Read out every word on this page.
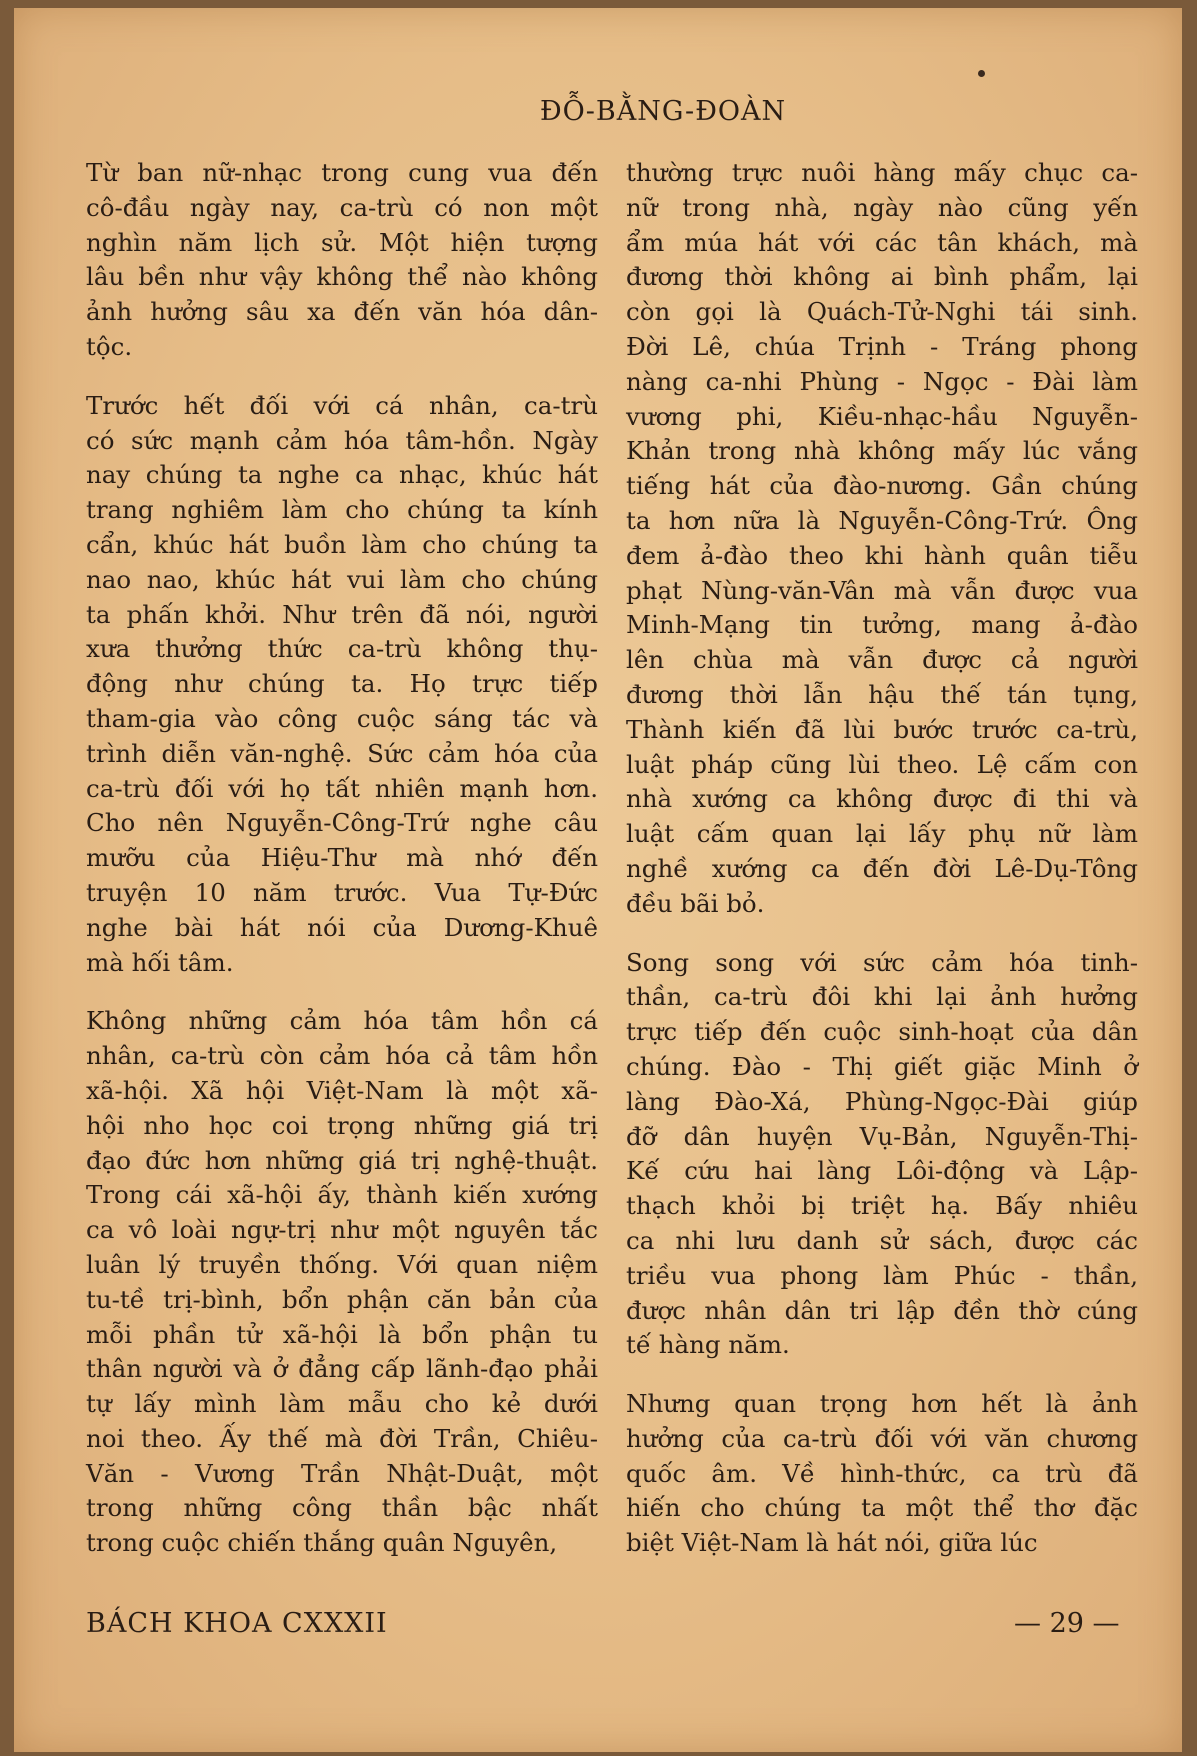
ĐỖ-BẰNG-ĐOÀN

Từ ban nữ-nhạc trong cung vua đến
cô-đầu ngày nay, ca-trù có non một
nghìn năm lịch sử. Một hiện tượng
lâu bền như vậy không thể nào không
ảnh hưởng sâu xa đến văn hóa dân-
tộc.

Trước hết đối với cá nhân, ca-trù
có sức mạnh cảm hóa tâm-hồn. Ngày
nay chúng ta nghe ca nhạc, khúc hát
trang nghiêm làm cho chúng ta kính
cẩn, khúc hát buồn làm cho chúng ta
nao nao, khúc hát vui làm cho chúng
ta phấn khởi. Như trên đã nói, người
xưa thưởng thức ca-trù không thụ-
động như chúng ta. Họ trực tiếp
tham-gia vào công cuộc sáng tác và
trình diễn văn-nghệ. Sức cảm hóa của
ca-trù đối với họ tất nhiên mạnh hơn.
Cho nên Nguyễn-Công-Trứ nghe câu
mưỡu của Hiệu-Thư mà nhớ đến
truyện 10 năm trước. Vua Tự-Đức
nghe bài hát nói của Dương-Khuê
mà hối tâm.

Không những cảm hóa tâm hồn cá
nhân, ca-trù còn cảm hóa cả tâm hồn
xã-hội. Xã hội Việt-Nam là một xã-
hội nho học coi trọng những giá trị
đạo đức hơn những giá trị nghệ-thuật.
Trong cái xã-hội ấy, thành kiến xướng
ca vô loài ngự-trị như một nguyên tắc
luân lý truyền thống. Với quan niệm
tu-tề trị-bình, bổn phận căn bản của
mỗi phần tử xã-hội là bổn phận tu
thân người và ở đẳng cấp lãnh-đạo phải
tự lấy mình làm mẫu cho kẻ dưới
noi theo. Ấy thế mà đời Trần, Chiêu-
Văn - Vương Trần Nhật-Duật, một
trong những công thần bậc nhất
trong cuộc chiến thắng quân Nguyên,

thường trực nuôi hàng mấy chục ca-
nữ trong nhà, ngày nào cũng yến
ẩm múa hát với các tân khách, mà
đương thời không ai bình phẩm, lại
còn gọi là Quách-Tử-Nghi tái sinh.
Đời Lê, chúa Trịnh - Tráng phong
nàng ca-nhi Phùng - Ngọc - Đài làm
vương phi, Kiều-nhạc-hầu Nguyễn-
Khản trong nhà không mấy lúc vắng
tiếng hát của đào-nương. Gần chúng
ta hơn nữa là Nguyễn-Công-Trứ. Ông
đem ả-đào theo khi hành quân tiễu
phạt Nùng-văn-Vân mà vẫn được vua
Minh-Mạng tin tưởng, mang ả-đào
lên chùa mà vẫn được cả người
đương thời lẫn hậu thế tán tụng,
Thành kiến đã lùi bước trước ca-trù,
luật pháp cũng lùi theo. Lệ cấm con
nhà xướng ca không được đi thi và
luật cấm quan lại lấy phụ nữ làm
nghề xướng ca đến đời Lê-Dụ-Tông
đều bãi bỏ.

Song song với sức cảm hóa tinh-
thần, ca-trù đôi khi lại ảnh hưởng
trực tiếp đến cuộc sinh-hoạt của dân
chúng. Đào - Thị giết giặc Minh ở
làng Đào-Xá, Phùng-Ngọc-Đài giúp
đỡ dân huyện Vụ-Bản, Nguyễn-Thị-
Kế cứu hai làng Lôi-động và Lập-
thạch khỏi bị triệt hạ. Bấy nhiêu
ca nhi lưu danh sử sách, được các
triều vua phong làm Phúc - thần,
được nhân dân tri lập đền thờ cúng
tế hàng năm.

Nhưng quan trọng hơn hết là ảnh
hưởng của ca-trù đối với văn chương
quốc âm. Về hình-thức, ca trù đã
hiến cho chúng ta một thể thơ đặc
biệt Việt-Nam là hát nói, giữa lúc

BÁCH KHOA CXXXII	— 29 —
